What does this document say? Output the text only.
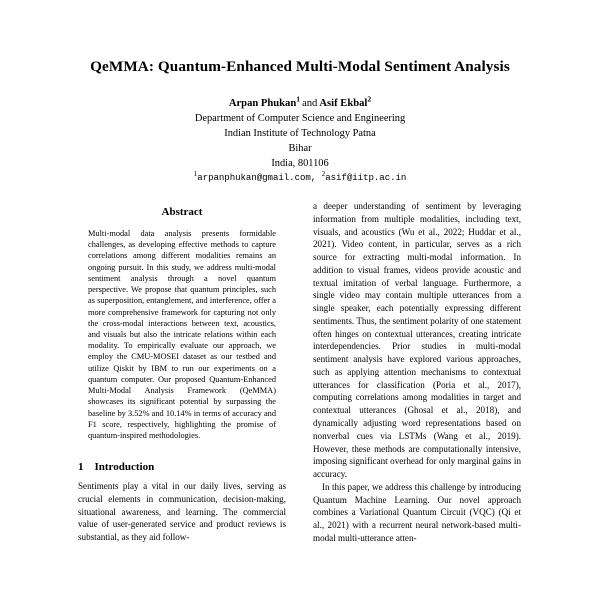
QeMMA: Quantum-Enhanced Multi-Modal Sentiment Analysis
Arpan Phukan$^1$ and Asif Ekbal$^2$
Department of Computer Science and Engineering
Indian Institute of Technology Patna
Bihar
India, 801106
$^1$arpanphukan@gmail.com, $^2$asif@iitp.ac.in
Abstract

Multi-modal data analysis presents formidable challenges, as developing effective methods to capture correlations among different modalities remains an ongoing pursuit. In this study, we address multi-modal sentiment analysis through a novel quantum perspective. We propose that quantum principles, such as superposition, entanglement, and interference, offer a more comprehensive framework for capturing not only the cross-modal interactions between text, acoustics, and visuals but also the intricate relations within each modality. To empirically evaluate our approach, we employ the CMU-MOSEI dataset as our testbed and utilize Qiskit by IBM to run our experiments on a quantum computer. Our proposed Quantum-Enhanced Multi-Modal Analysis Framework (QeMMA) showcases its significant potential by surpassing the baseline by 3.52% and 10.14% in terms of accuracy and F1 score, respectively, highlighting the promise of quantum-inspired methodologies.

1 Introduction

Sentiments play a vital in our daily lives, serving as crucial elements in communication, decision-making, situational awareness, and learning. The commercial value of user-generated service and product reviews is substantial, as they aid follow-

a deeper understanding of sentiment by leveraging information from multiple modalities, including text, visuals, and acoustics (Wu et al., 2022; Huddar et al., 2021). Video content, in particular, serves as a rich source for extracting multi-modal information. In addition to visual frames, videos provide acoustic and textual imitation of verbal language. Furthermore, a single video may contain multiple utterances from a single speaker, each potentially expressing different sentiments. Thus, the sentiment polarity of one statement often hinges on contextual utterances, creating intricate interdependencies. Prior studies in multi-modal sentiment analysis have explored various approaches, such as applying attention mechanisms to contextual utterances for classification (Poria et al., 2017), computing correlations among modalities in target and contextual utterances (Ghosal et al., 2018), and dynamically adjusting word representations based on nonverbal cues via LSTMs (Wang et al., 2019). However, these methods are computationally intensive, imposing significant overhead for only marginal gains in accuracy.

In this paper, we address this challenge by introducing Quantum Machine Learning. Our novel approach combines a Variational Quantum Circuit (VQC) (Qi et al., 2021) with a recurrent neural network-based multi-modal multi-utterance atten-
